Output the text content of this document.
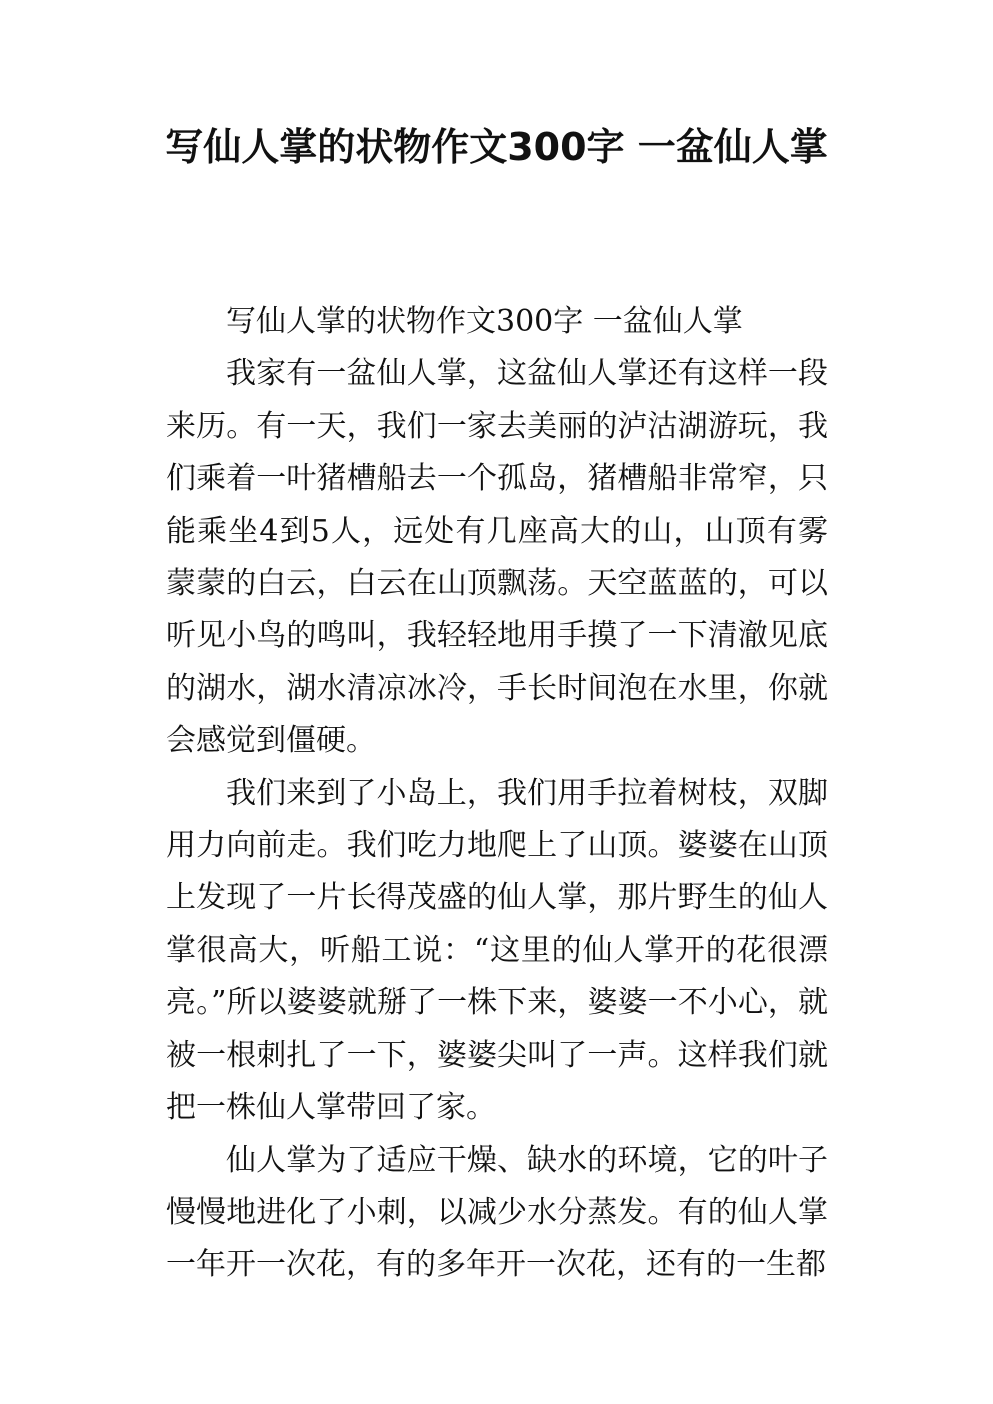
写仙人掌的状物作文300字 一盆仙人掌

写仙人掌的状物作文300字 一盆仙人掌

我家有一盆仙人掌，这盆仙人掌还有这样一段来历。有一天，我们一家去美丽的泸沽湖游玩，我们乘着一叶猪槽船去一个孤岛，猪槽船非常窄，只能乘坐4到5人，远处有几座高大的山，山顶有雾蒙蒙的白云，白云在山顶飘荡。天空蓝蓝的，可以听见小鸟的鸣叫，我轻轻地用手摸了一下清澈见底的湖水，湖水清凉冰冷，手长时间泡在水里，你就会感觉到僵硬。

我们来到了小岛上，我们用手拉着树枝，双脚用力向前走。我们吃力地爬上了山顶。婆婆在山顶上发现了一片长得茂盛的仙人掌，那片野生的仙人掌很高大，听船工说：“这里的仙人掌开的花很漂亮。”所以婆婆就掰了一株下来，婆婆一不小心，就被一根刺扎了一下，婆婆尖叫了一声。这样我们就把一株仙人掌带回了家。

仙人掌为了适应干燥、缺水的环境，它的叶子慢慢地进化了小刺，以减少水分蒸发。有的仙人掌一年开一次花，有的多年开一次花，还有的一生都
